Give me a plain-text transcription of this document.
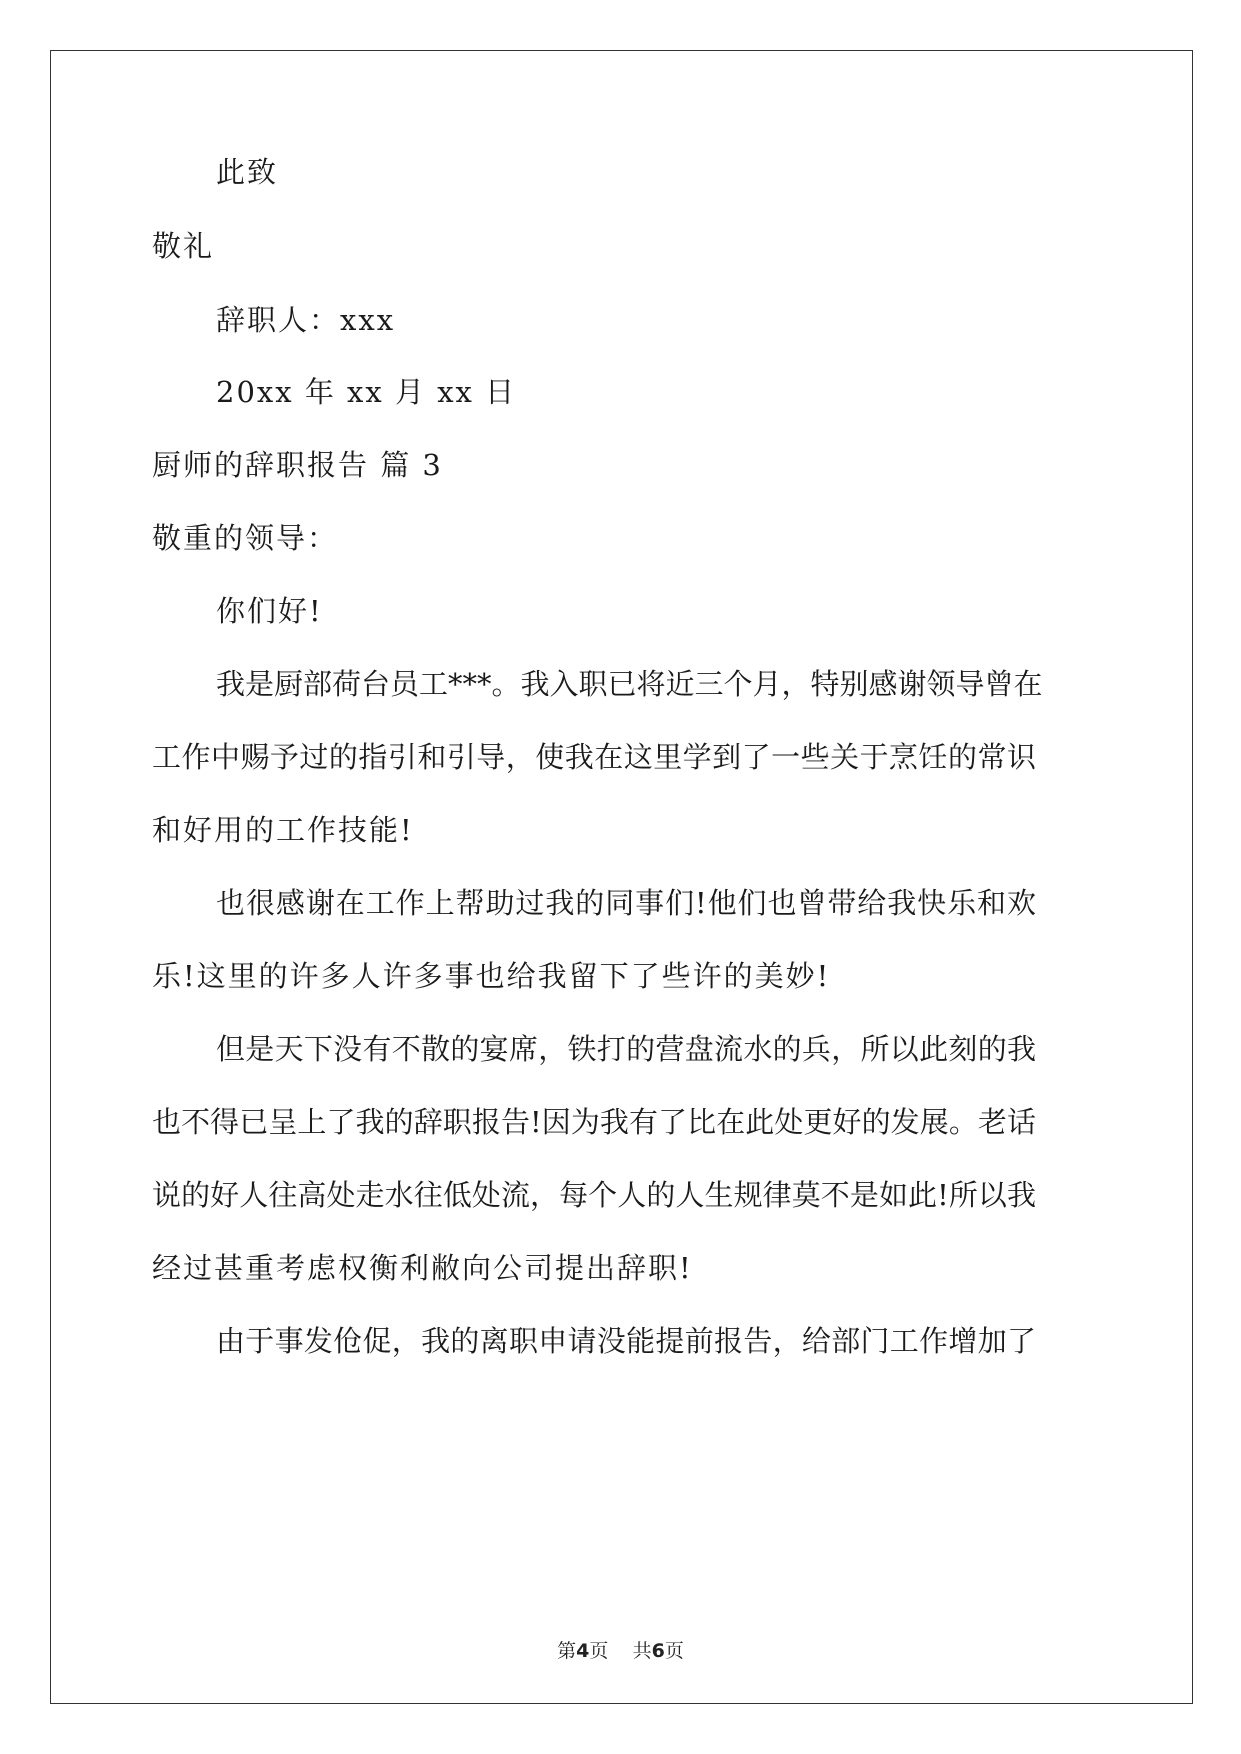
此致
敬礼
辞职人：xxx
20xx 年 xx 月 xx 日
厨师的辞职报告 篇 3
敬重的领导：
你们好!
我是厨部荷台员工***。我入职已将近三个月，特别感谢领导曾在
工作中赐予过的指引和引导，使我在这里学到了一些关于烹饪的常识
和好用的工作技能!
也很感谢在工作上帮助过我的同事们!他们也曾带给我快乐和欢
乐!这里的许多人许多事也给我留下了些许的美妙!
但是天下没有不散的宴席，铁打的营盘流水的兵，所以此刻的我
也不得已呈上了我的辞职报告!因为我有了比在此处更好的发展。老话
说的好人往高处走水往低处流，每个人的人生规律莫不是如此!所以我
经过甚重考虑权衡利敝向公司提出辞职!
由于事发伧促，我的离职申请没能提前报告，给部门工作增加了
第4页    共6页
